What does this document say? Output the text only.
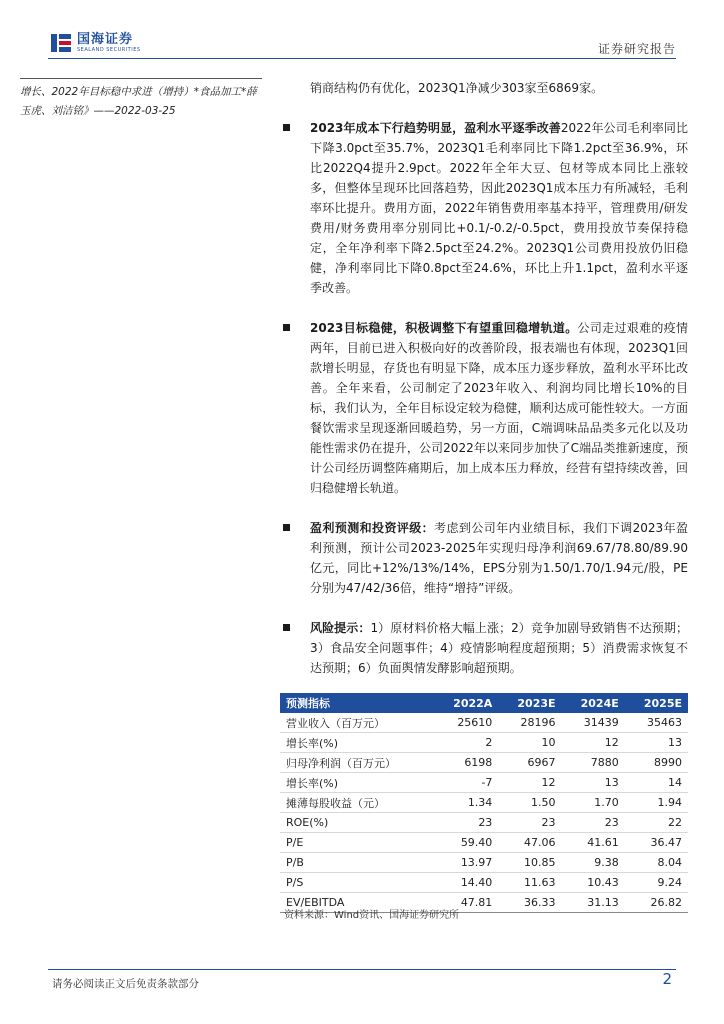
国海证券
SEALAND SECURITIES	证券研究报告
增长、2022年目标稳中求进（增持）*食品加工*薛玉虎、刘洁铭》——2022-03-25
销商结构仍有优化，2023Q1净减少303家至6869家。
2023年成本下行趋势明显，盈利水平逐季改善2022年公司毛利率同比下降3.0pct至35.7%，2023Q1毛利率同比下降1.2pct至36.9%，环比2022Q4提升2.9pct。2022年全年大豆、包材等成本同比上涨较多，但整体呈现环比回落趋势，因此2023Q1成本压力有所减轻，毛利率环比提升。费用方面，2022年销售费用率基本持平，管理费用/研发费用/财务费用率分别同比+0.1/-0.2/-0.5pct，费用投放节奏保持稳定，全年净利率下降2.5pct至24.2%。2023Q1公司费用投放仍旧稳健，净利率同比下降0.8pct至24.6%，环比上升1.1pct，盈利水平逐季改善。
2023目标稳健，积极调整下有望重回稳增轨道。公司走过艰难的疫情两年，目前已进入积极向好的改善阶段，报表端也有体现，2023Q1回款增长明显，存货也有明显下降，成本压力逐步释放，盈利水平环比改善。全年来看，公司制定了2023年收入、利润均同比增长10%的目标，我们认为，全年目标设定较为稳健，顺利达成可能性较大。一方面餐饮需求呈现逐渐回暖趋势，另一方面，C端调味品品类多元化以及功能性需求仍在提升，公司2022年以来同步加快了C端品类推新速度，预计公司经历调整阵痛期后，加上成本压力释放，经营有望持续改善，回归稳健增长轨道。
盈利预测和投资评级：考虑到公司年内业绩目标，我们下调2023年盈利预测，预计公司2023-2025年实现归母净利润69.67/78.80/89.90亿元，同比+12%/13%/14%，EPS分别为1.50/1.70/1.94元/股，PE分别为47/42/36倍，维持“增持”评级。
风险提示：1）原材料价格大幅上涨；2）竞争加剧导致销售不达预期；3）食品安全问题事件；4）疫情影响程度超预期；5）消费需求恢复不达预期；6）负面舆情发酵影响超预期。
预测指标	2022A	2023E	2024E	2025E
营业收入（百万元）	25610	28196	31439	35463
增长率(%)	2	10	12	13
归母净利润（百万元）	6198	6967	7880	8990
增长率(%)	-7	12	13	14
摊薄每股收益（元）	1.34	1.50	1.70	1.94
ROE(%)	23	23	23	22
P/E	59.40	47.06	41.61	36.47
P/B	13.97	10.85	9.38	8.04
P/S	14.40	11.63	10.43	9.24
EV/EBITDA	47.81	36.33	31.13	26.82
资料来源：Wind资讯、国海证券研究所
请务必阅读正文后免责条款部分	2
